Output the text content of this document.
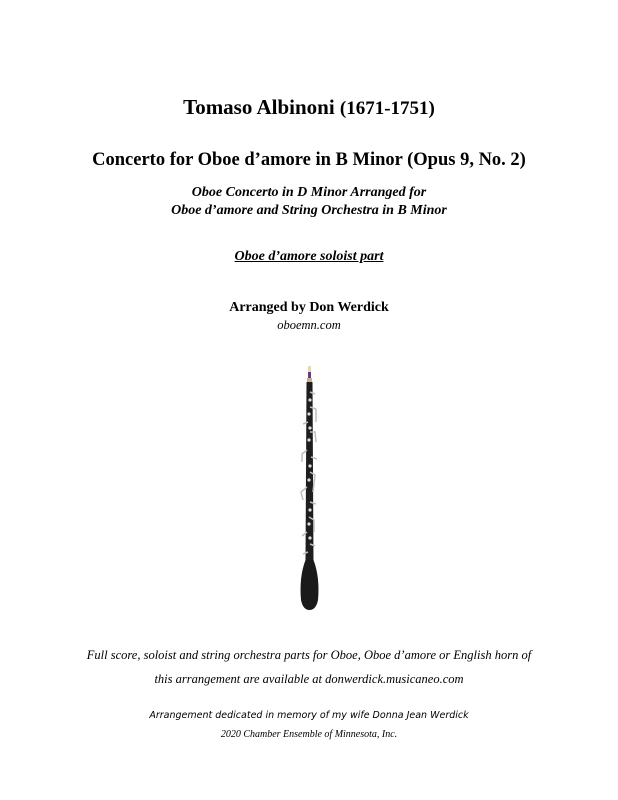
Tomaso Albinoni (1671-1751)
Concerto for Oboe d’amore in B Minor (Opus 9, No. 2)
Oboe Concerto in D Minor Arranged for
Oboe d’amore and String Orchestra in B Minor
Oboe d’amore soloist part
Arranged by Don Werdick
oboemn.com
Full score, soloist and string orchestra parts for Oboe, Oboe d’amore or English horn of
this arrangement are available at donwerdick.musicaneo.com
Arrangement dedicated in memory of my wife Donna Jean Werdick
2020 Chamber Ensemble of Minnesota, Inc.
